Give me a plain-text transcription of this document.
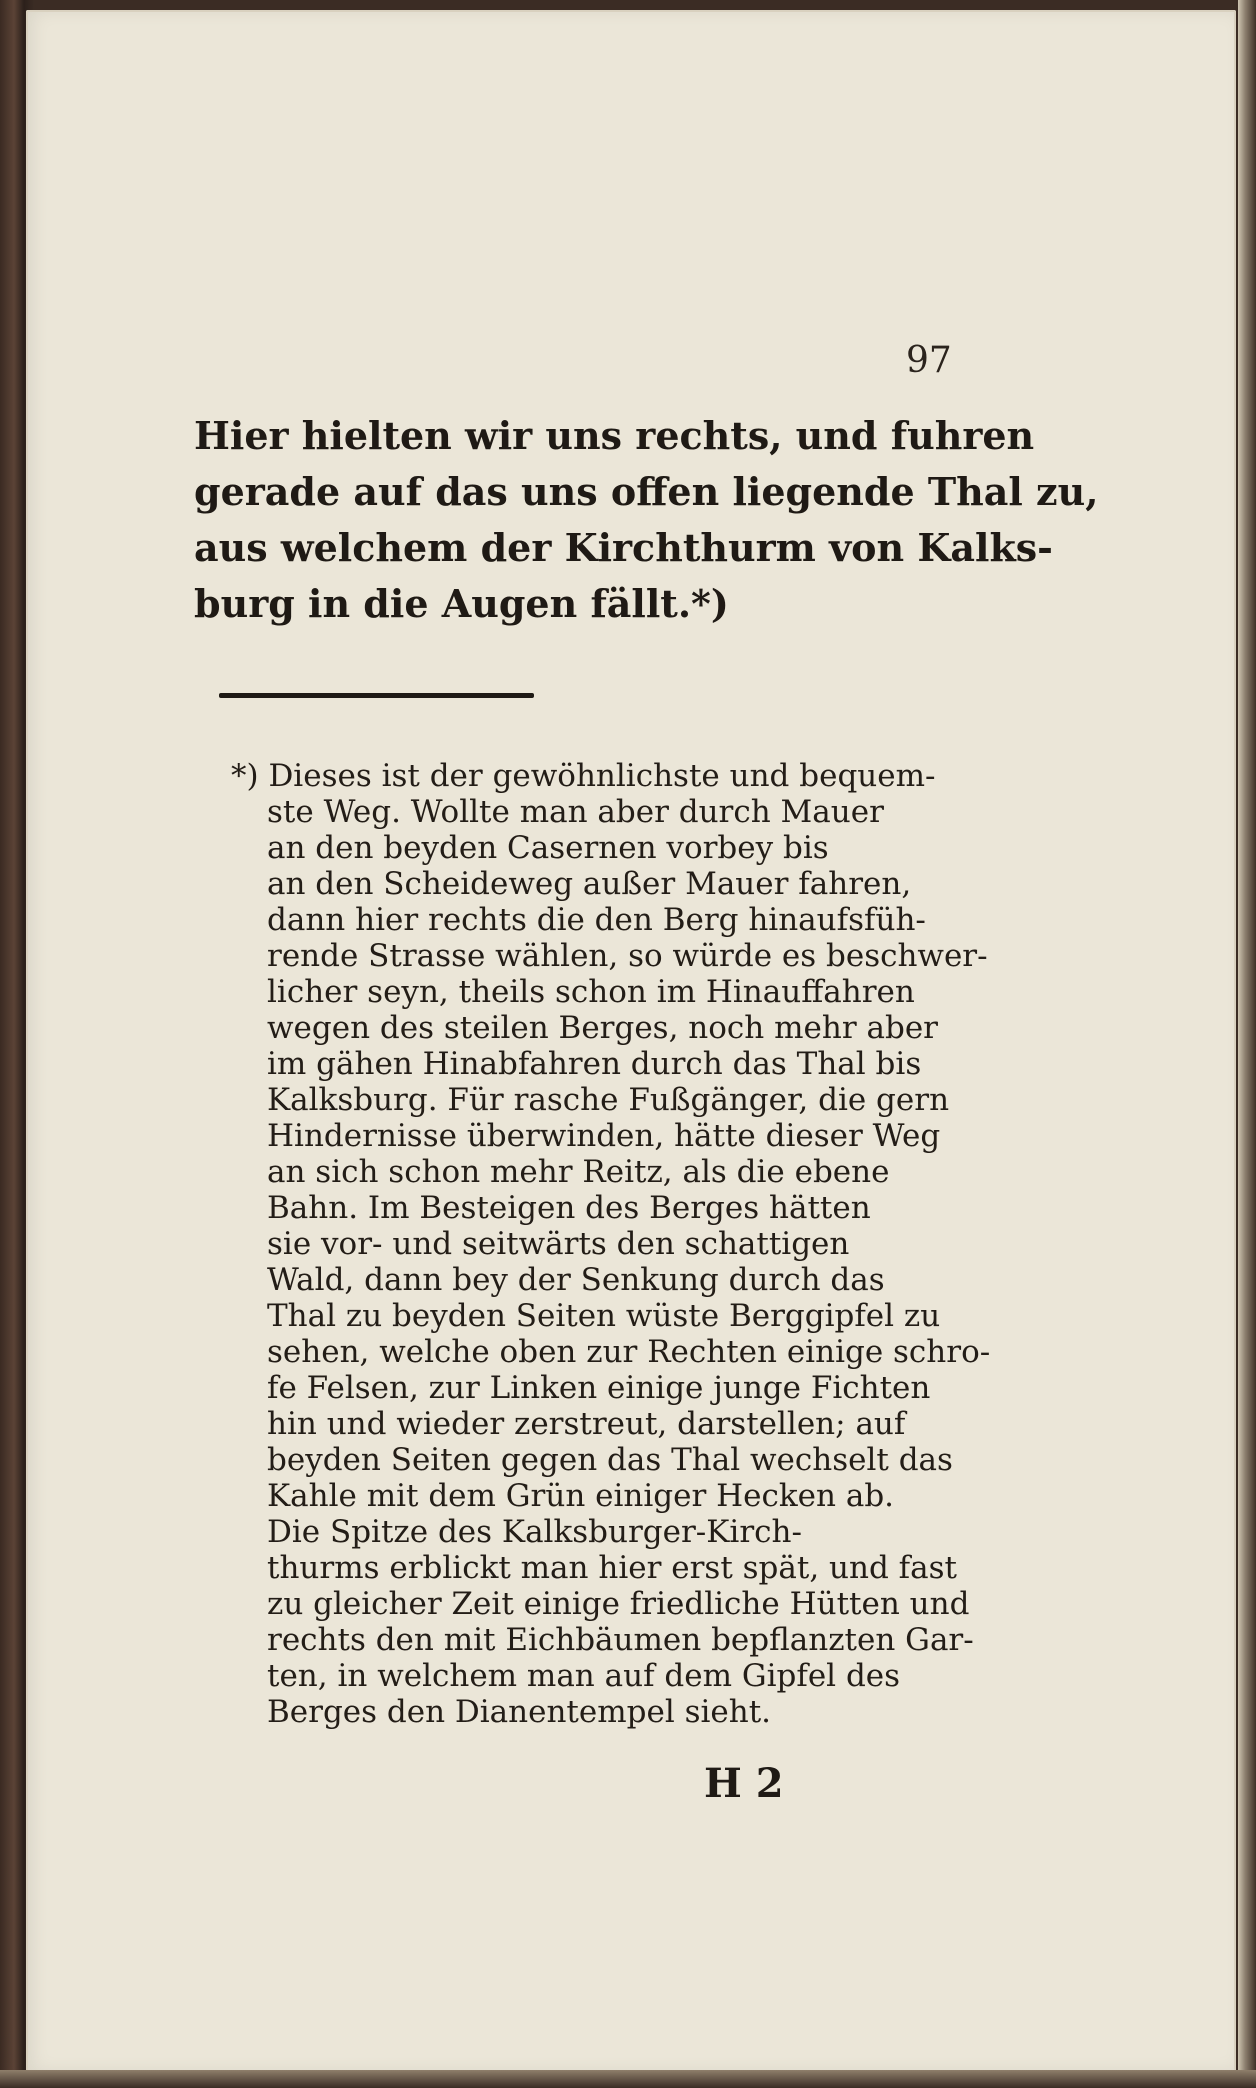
97

Hier hielten wir uns rechts, und fuhren
gerade auf das uns offen liegende Thal zu,
aus welchem der Kirchthurm von Kalks-
burg in die Augen fällt.*)

*) Dieses ist der gewöhnlichste und bequem-
ste Weg. Wollte man aber durch Mauer
an den beyden Casernen vorbey bis
an den Scheideweg außer Mauer fahren,
dann hier rechts die den Berg hinaufsfüh-
rende Strasse wählen, so würde es beschwer-
licher seyn, theils schon im Hinauffahren
wegen des steilen Berges, noch mehr aber
im gähen Hinabfahren durch das Thal bis
Kalksburg. Für rasche Fußgänger, die gern
Hindernisse überwinden, hätte dieser Weg
an sich schon mehr Reitz, als die ebene
Bahn. Im Besteigen des Berges hätten
sie vor- und seitwärts den schattigen
Wald, dann bey der Senkung durch das
Thal zu beyden Seiten wüste Berggipfel zu
sehen, welche oben zur Rechten einige schro-
fe Felsen, zur Linken einige junge Fichten
hin und wieder zerstreut, darstellen; auf
beyden Seiten gegen das Thal wechselt das
Kahle mit dem Grün einiger Hecken ab.
Die Spitze des Kalksburger-Kirch-
thurms erblickt man hier erst spät, und fast
zu gleicher Zeit einige friedliche Hütten und
rechts den mit Eichbäumen bepflanzten Gar-
ten, in welchem man auf dem Gipfel des
Berges den Dianentempel sieht.

H 2
